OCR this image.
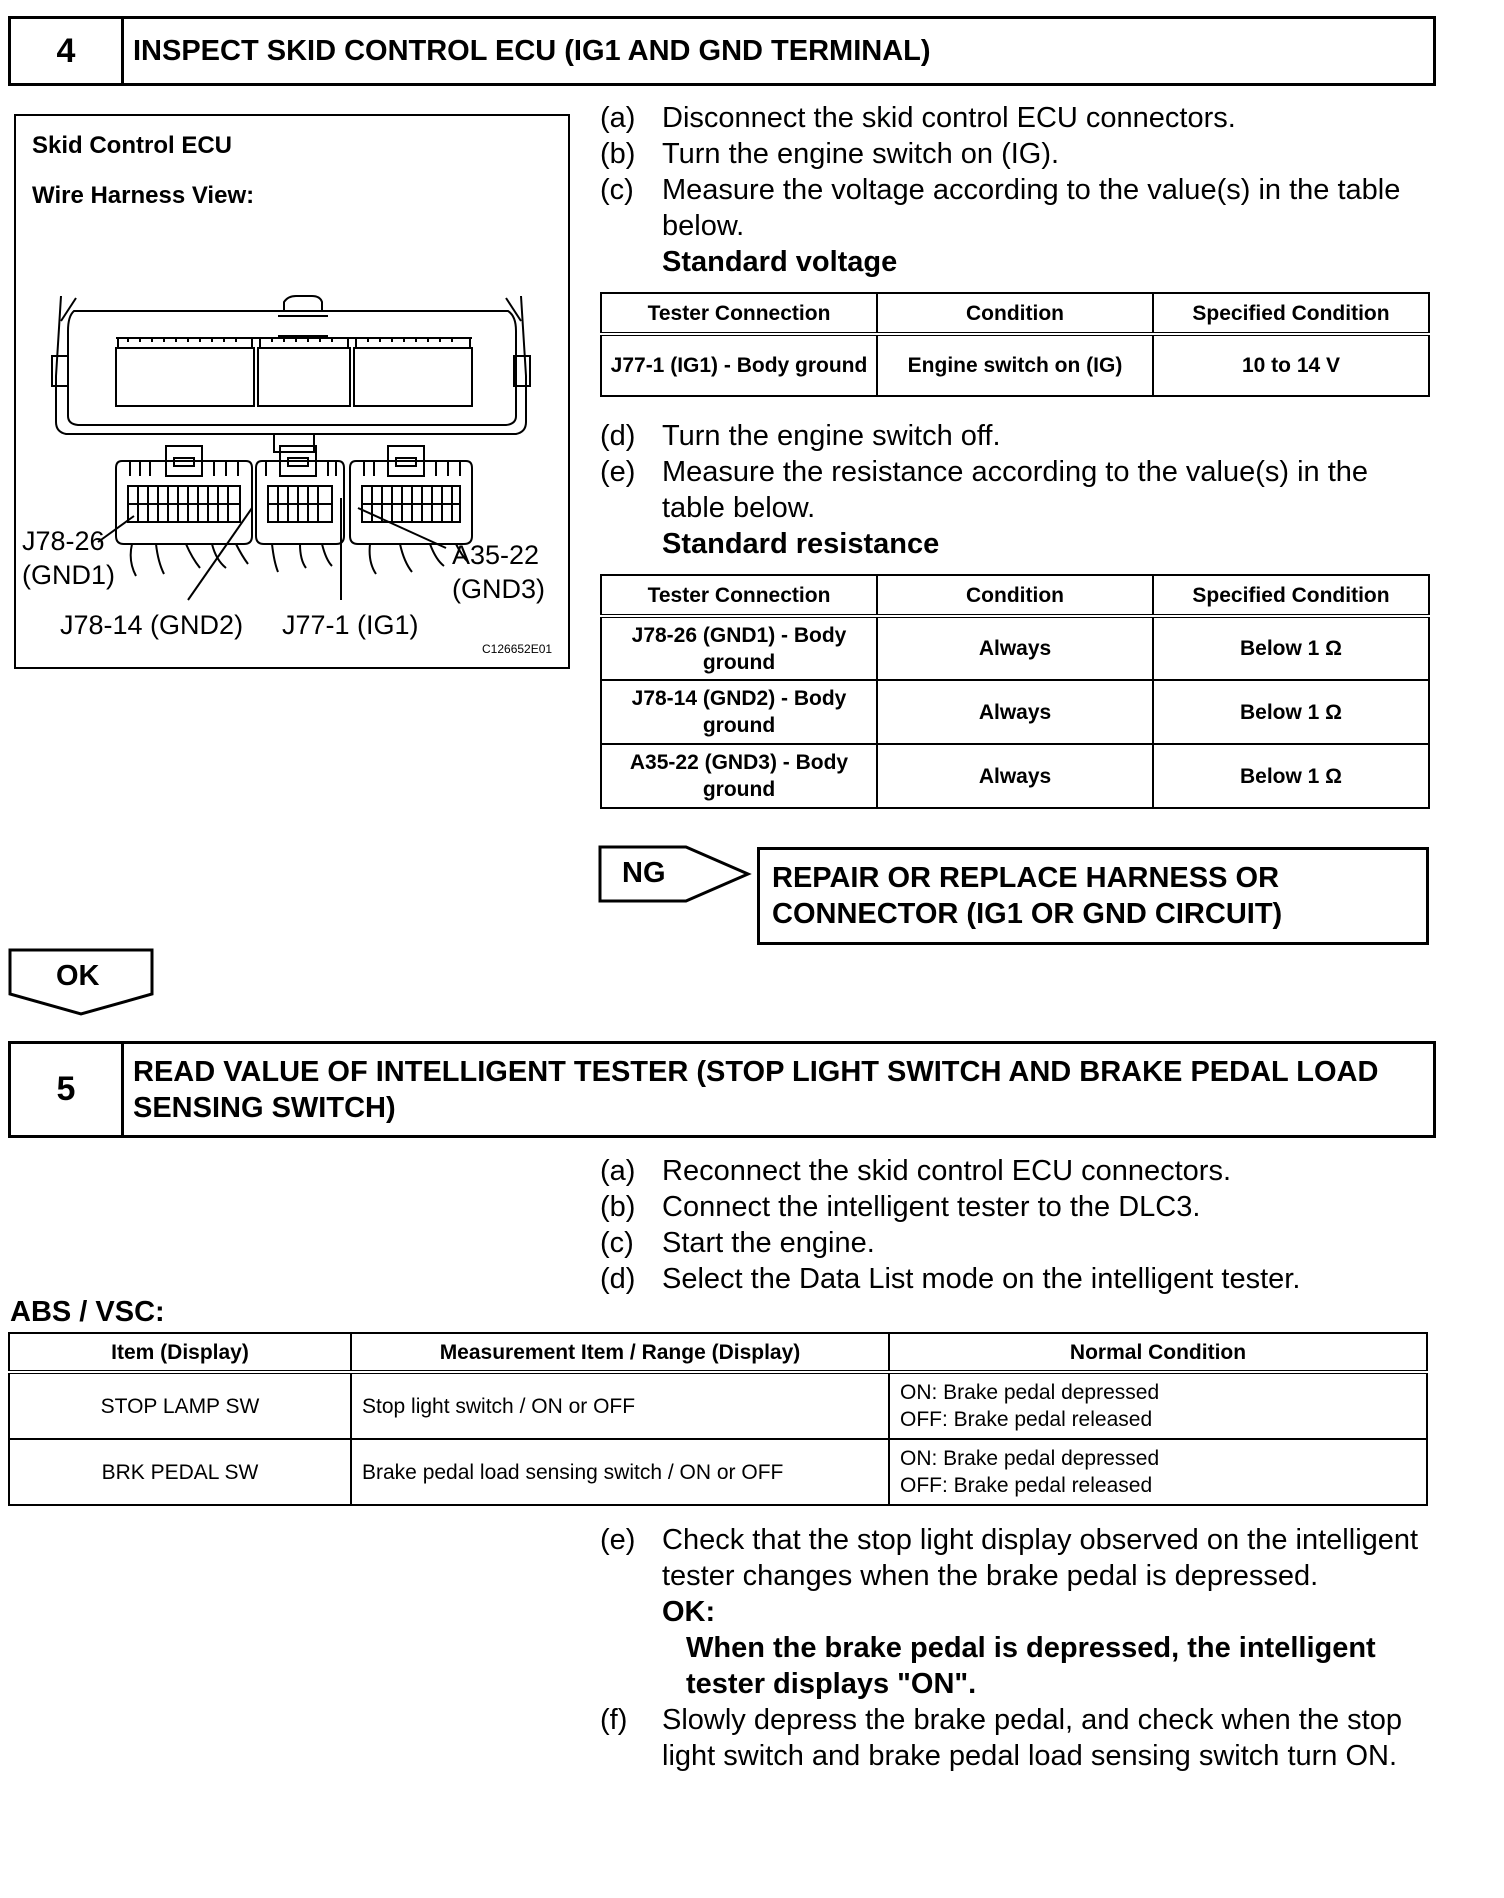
4	INSPECT SKID CONTROL ECU (IG1 AND GND TERMINAL)
Skid Control ECU
Wire Harness View:
J78-26
(GND1)
J78-14 (GND2) J77-1 (IG1)
A35-22
(GND3)
C126652E01
(a) Disconnect the skid control ECU connectors.
(b) Turn the engine switch on (IG).
(c) Measure the voltage according to the value(s) in the table below.
Standard voltage
Tester Connection	Condition	Specified Condition
J77-1 (IG1) - Body ground	Engine switch on (IG)	10 to 14 V
(d) Turn the engine switch off.
(e) Measure the resistance according to the value(s) in the table below.
Standard resistance
Tester Connection	Condition	Specified Condition
J78-26 (GND1) - Body ground	Always	Below 1 Ω
J78-14 (GND2) - Body ground	Always	Below 1 Ω
A35-22 (GND3) - Body ground	Always	Below 1 Ω
NG	REPAIR OR REPLACE HARNESS OR CONNECTOR (IG1 OR GND CIRCUIT)
OK
5	READ VALUE OF INTELLIGENT TESTER (STOP LIGHT SWITCH AND BRAKE PEDAL LOAD SENSING SWITCH)
(a) Reconnect the skid control ECU connectors.
(b) Connect the intelligent tester to the DLC3.
(c) Start the engine.
(d) Select the Data List mode on the intelligent tester.
ABS / VSC:
Item (Display)	Measurement Item / Range (Display)	Normal Condition
STOP LAMP SW	Stop light switch / ON or OFF	ON: Brake pedal depressed
OFF: Brake pedal released

BRK PEDAL SW	Brake pedal load sensing switch / ON or OFF	ON: Brake pedal depressed
OFF: Brake pedal released
(e) Check that the stop light display observed on the intelligent tester changes when the brake pedal is depressed.
OK:
When the brake pedal is depressed, the intelligent tester displays "ON".
(f)	Slowly depress the brake pedal, and check when the stop light switch and brake pedal load sensing switch turn ON.
